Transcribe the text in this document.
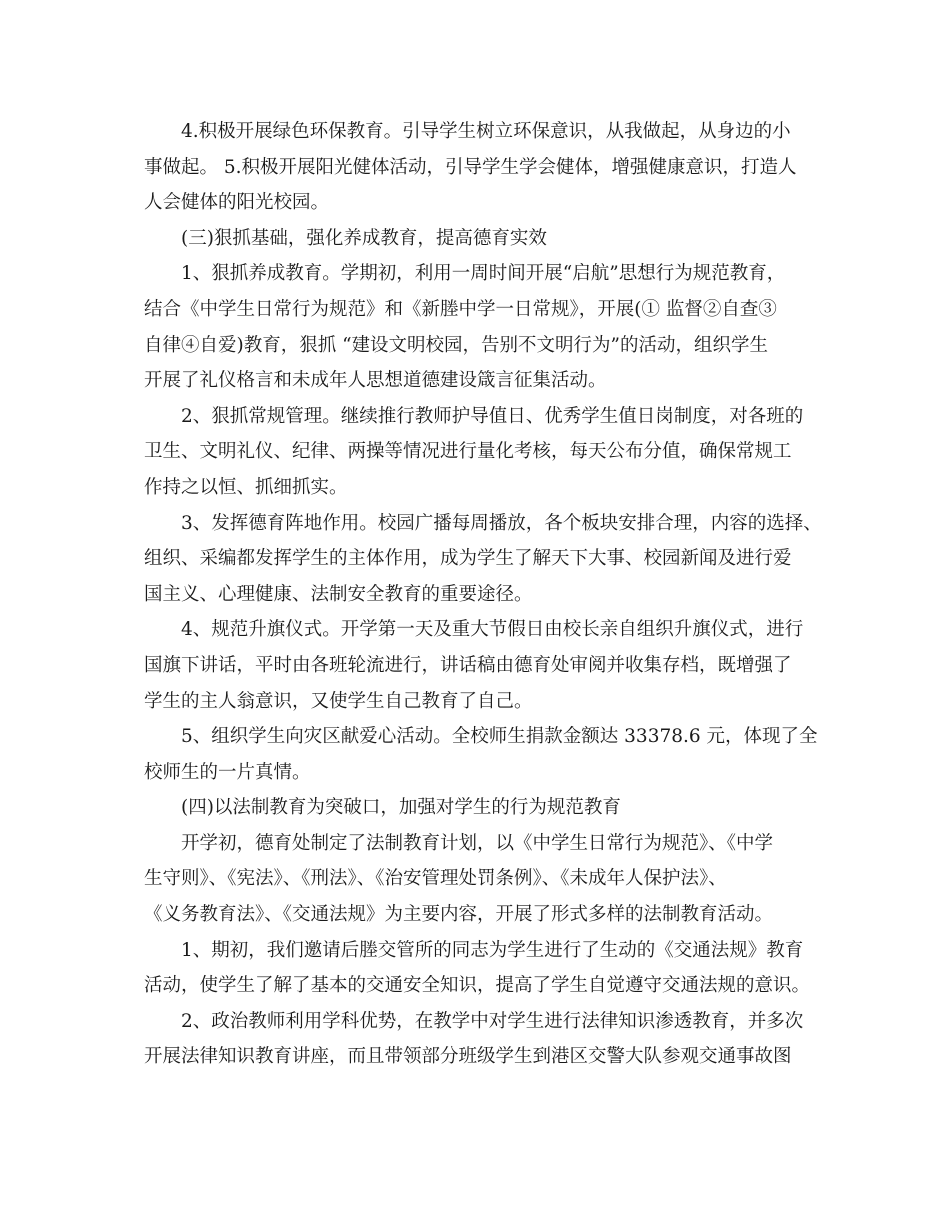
4.积极开展绿色环保教育。引导学生树立环保意识，从我做起，从身边的小
事做起。 5.积极开展阳光健体活动，引导学生学会健体，增强健康意识，打造人
人会健体的阳光校园。
(三)狠抓基础，强化养成教育，提高德育实效
1、狠抓养成教育。学期初，利用一周时间开展“启航”思想行为规范教育，
结合《中学生日常行为规范》和《新塍中学一日常规》，开展(① 监督②自查③
自律④自爱)教育，狠抓 “建设文明校园，告别不文明行为”的活动，组织学生
开展了礼仪格言和未成年人思想道德建设箴言征集活动。
2、狠抓常规管理。继续推行教师护导值日、优秀学生值日岗制度，对各班的
卫生、文明礼仪、纪律、两操等情况进行量化考核，每天公布分值，确保常规工
作持之以恒、抓细抓实。
3、发挥德育阵地作用。校园广播每周播放，各个板块安排合理，内容的选择、
组织、采编都发挥学生的主体作用，成为学生了解天下大事、校园新闻及进行爱
国主义、心理健康、法制安全教育的重要途径。
4、规范升旗仪式。开学第一天及重大节假日由校长亲自组织升旗仪式，进行
国旗下讲话，平时由各班轮流进行，讲话稿由德育处审阅并收集存档，既增强了
学生的主人翁意识，又使学生自己教育了自己。
5、组织学生向灾区献爱心活动。全校师生捐款金额达 33378.6 元，体现了全
校师生的一片真情。
(四)以法制教育为突破口，加强对学生的行为规范教育
开学初，德育处制定了法制教育计划，以《中学生日常行为规范》、《中学
生守则》、《宪法》、《刑法》、《治安管理处罚条例》、《未成年人保护法》、
《义务教育法》、《交通法规》为主要内容，开展了形式多样的法制教育活动。
1、期初，我们邀请后塍交管所的同志为学生进行了生动的《交通法规》教育
活动，使学生了解了基本的交通安全知识，提高了学生自觉遵守交通法规的意识。
2、政治教师利用学科优势，在教学中对学生进行法律知识渗透教育，并多次
开展法律知识教育讲座，而且带领部分班级学生到港区交警大队参观交通事故图
